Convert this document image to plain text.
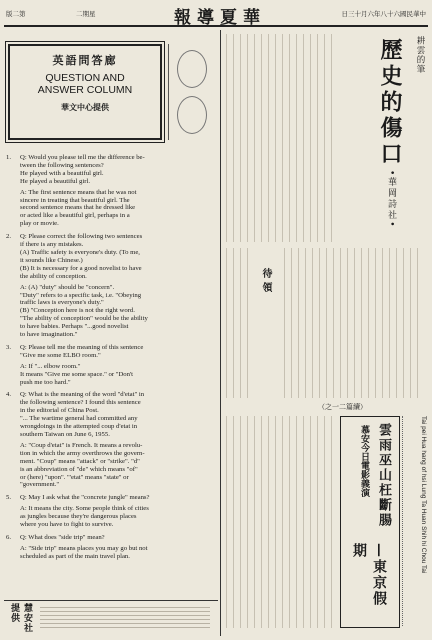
版二第	二期星	報導夏華	日三十月六年八十六國民華中
英語問答廊
QUESTION AND
ANSWER COLUMN
華文中心提供
1. Q: Would you please tell me the difference be-

tween the following sentences?

He played with a beautiful girl.

He played a beautiful girl.

A: The first sentence means that he was not

sincere in treating that beautiful girl. The

second sentence means that he dressed like

or acted like a beautiful girl, perhaps in a

play or movie.

2. Q: Please correct the following two sentences

if there is any mistakes.

(A) Traffic safety is everyone's duty. (To me,

it sounds like Chinese.)

(B) It is necessary for a good novelist to have

the ability of conception.

A: (A) "duty" should be "concern".

"Duty" refers to a specific task, i.e. "Obeying

traffic laws is everyone's duty."

(B) "Conception here is not the right word.

"The ability of conception" would be the ability

to have babies. Perhaps "...good novelist

to have imagination."

3. Q: Please tell me the meaning of this sentence

"Give me some ELBO room."

A: If "... elbow room."

It means "Give me some space." or "Don't

push me too hard."

4. Q: What is the meaning of the word "d'etat" in

the following sentence? I found this sentence

in the editorial of China Post.

"... The wartime general had committed any

wrongdoings in the attempted coup d'etat in

southern Taiwan on June 6, 1955.

A: "Coup d'etat" is French. It means a revolu-

tion in which the army overthrows the govern-

ment. "Coup" means "attack" or "strike". "d"

is an abbreviation of "de" which means "of"

or (here) "upon". "'etat" means "state" or

"government."

5. Q: May I ask what the "concrete jungle" means?

A: It means the city. Some people think of cities

as jungles because they're dangerous places

where you have to fight to survive.

6. Q: What does "side trip" mean?

A: "Side trip" means places you may go but not

scheduled as part of the main travel plan.

慧安社提供
耕雲的筆
歷史的傷口
•華岡詩社•
待領
（之一二篇續）
慕安今日電影義演 雲雨巫山枉斷腸
—東京假期	Tai pei Hua hang of hsi Lung Ta Huan Shih hi Chou Tai
